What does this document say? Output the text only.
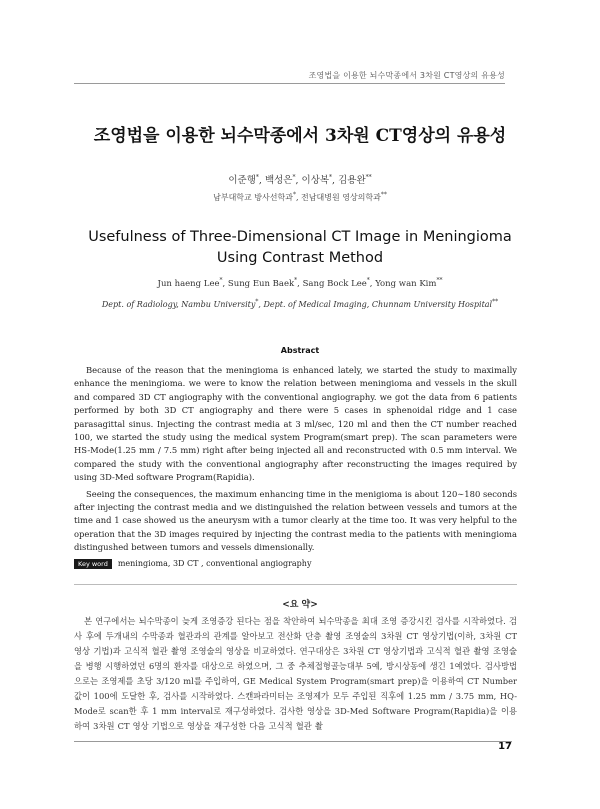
조영법을 이용한 뇌수막종에서 3차원 CT영상의 유용성
조영법을 이용한 뇌수막종에서 3차원 CT영상의 유용성
이준행*, 백성은*, 이상복*, 김용완**
남부대학교 방사선학과*, 전남대병원 영상의학과**
Usefulness of Three-Dimensional CT Image in Meningioma
Using Contrast Method
Jun haeng Lee*, Sung Eun Baek*, Sang Bock Lee*, Yong wan Kim**
Dept. of Radiology, Nambu University*, Dept. of Medical Imaging, Chunnam University Hospital**
Abstract

Because of the reason that the meningioma is enhanced lately, we started the study to maximally enhance the meningioma. we were to know the relation between meningioma and vessels in the skull and compared 3D CT angiography with the conventional angiography. we got the data from 6 patients performed by both 3D CT angiography and there were 5 cases in sphenoidal ridge and 1 case parasagittal sinus. Injecting the contrast media at 3 ml/sec, 120 ml and then the CT number reached 100, we started the study using the medical system Program(smart prep). The scan parameters were HS-Mode(1.25 mm / 7.5 mm) right after being injected all and reconstructed with 0.5 mm interval. We compared the study with the conventional angiography after reconstructing the images required by using 3D-Med software Program(Rapidia).

Seeing the consequences, the maximum enhancing time in the menigioma is about 120∼180 seconds after injecting the contrast media and we distinguished the relation between vessels and tumors at the time and 1 case showed us the aneurysm with a tumor clearly at the time too. It was very helpful to the operation that the 3D images required by injecting the contrast media to the patients with meningioma distingushed between tumors and vessels dimensionally.

Key word meningioma, 3D CT , conventional angiography
<요 약>

본 연구에서는 뇌수막종이 늦게 조영증강 된다는 점을 착안하여 뇌수막종을 최대 조영 증강시킨 검사를 시작하였다. 검사 후에 두개내의 수막종과 혈관과의 관계를 알아보고 전산화 단층 촬영 조영술의 3차원 CT 영상기법(이하, 3차원 CT 영상 기법)과 고식적 혈관 촬영 조영술의 영상을 비교하였다. 연구대상은 3차원 CT 영상기법과 고식적 혈관 촬영 조영술을 병행 시행하였던 6명의 환자를 대상으로 하였으며, 그 중 추체접형골능대부 5예, 방시상동에 생긴 1예였다. 검사방법으로는 조영제를 초당 3/120 ml를 주입하여, GE Medical System Program(smart prep)을 이용하여 CT Number 값이 100에 도달한 후, 검사를 시작하였다. 스캔파라미터는 조영제가 모두 주입된 직후에 1.25 mm / 3.75 mm, HQ-Mode로 scan한 후 1 mm interval로 재구성하였다. 검사한 영상을 3D-Med Software Program(Rapidia)을 이용하여 3차원 CT 영상 기법으로 영상을 재구성한 다음 고식적 혈관 촬

17
